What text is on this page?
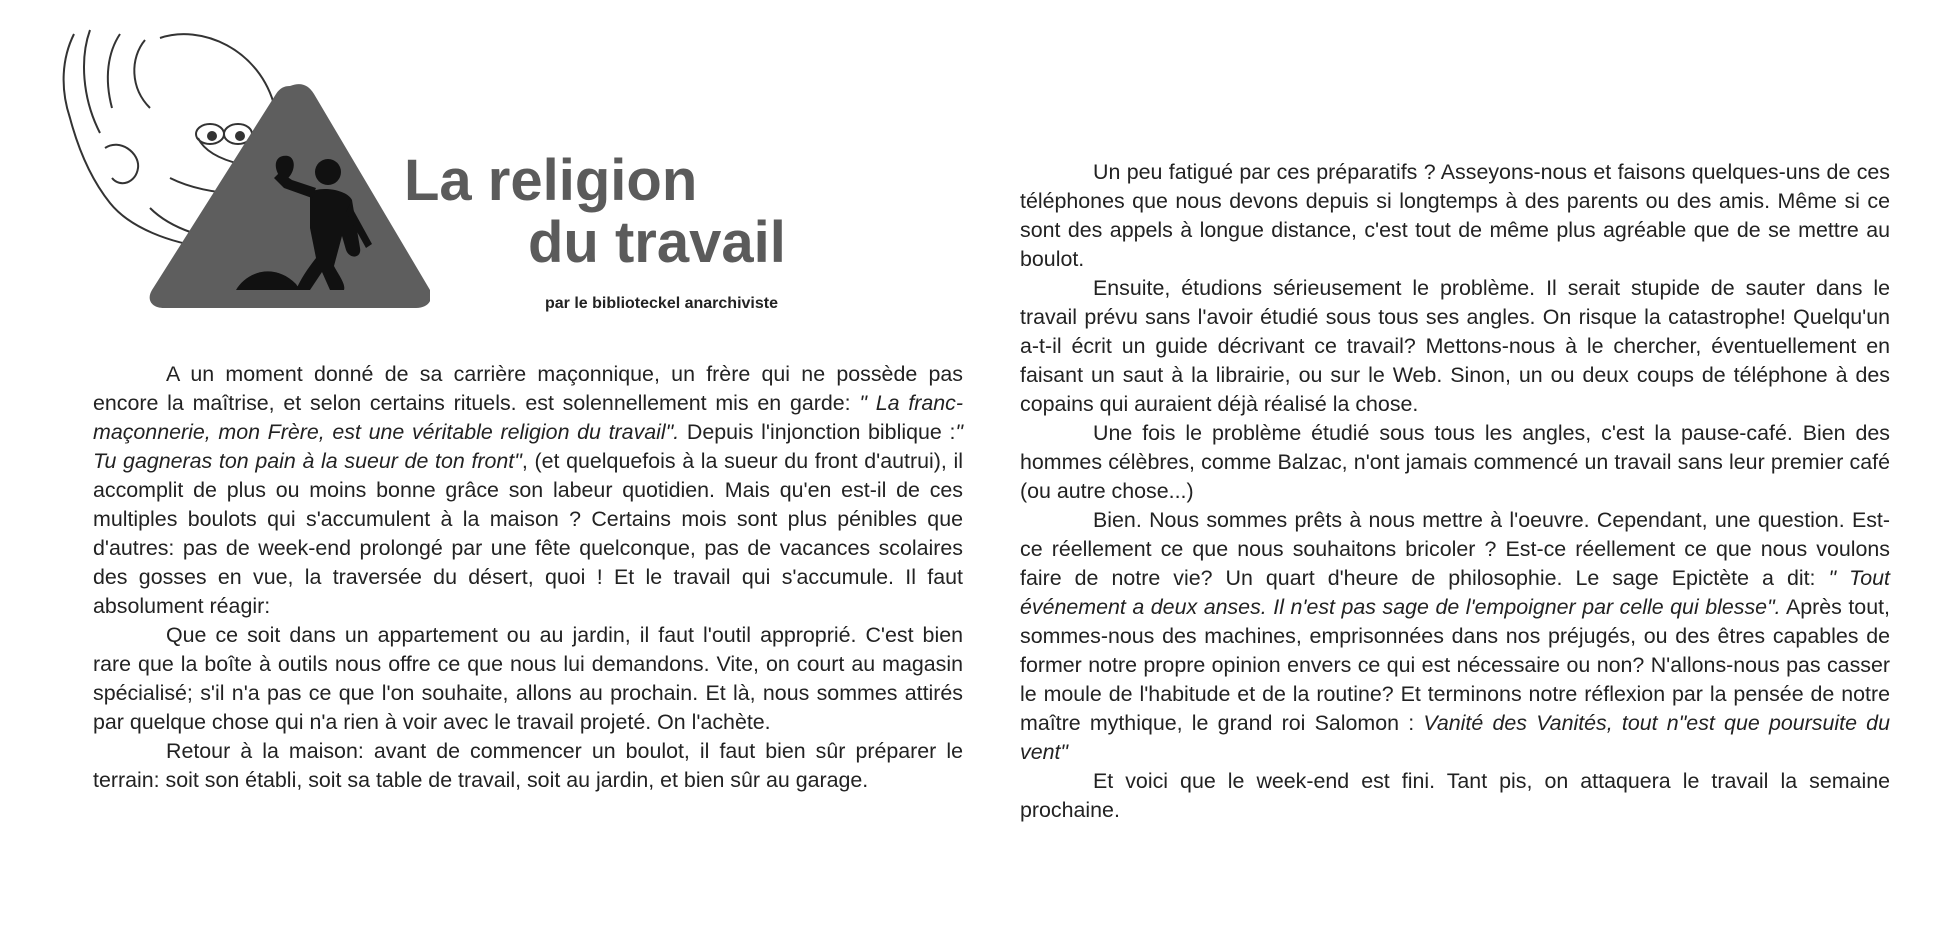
La religion
du travail
par le biblioteckel anarchiviste

A un moment donné de sa carrière maçonnique, un frère qui ne possède pas encore la maîtrise, et selon certains rituels. est solennellement mis en garde: " La franc-maçonnerie, mon Frère, est une véritable religion du travail". Depuis l'injonction biblique :" Tu gagneras ton pain à la sueur de ton front", (et quelquefois à la sueur du front d'autrui), il accomplit de plus ou moins bonne grâce son labeur quotidien. Mais qu'en est-il de ces multiples boulots qui s'accumulent à la maison ? Certains mois sont plus pénibles que d'autres: pas de week-end prolongé par une fête quelconque, pas de vacances scolaires des gosses en vue, la traversée du désert, quoi ! Et le travail qui s'accumule. Il faut absolument réagir:

Que ce soit dans un appartement ou au jardin, il faut l'outil approprié. C'est bien rare que la boîte à outils nous offre ce que nous lui demandons. Vite, on court au magasin spécialisé; s'il n'a pas ce que l'on souhaite, allons au prochain. Et là, nous sommes attirés par quelque chose qui n'a rien à voir avec le travail projeté. On l'achète.

Retour à la maison: avant de commencer un boulot, il faut bien sûr préparer le terrain: soit son établi, soit sa table de travail, soit au jardin, et bien sûr au garage.

Un peu fatigué par ces préparatifs ? Asseyons-nous et faisons quelques-uns de ces téléphones que nous devons depuis si longtemps à des parents ou des amis. Même si ce sont des appels à longue distance, c'est tout de même plus agréable que de se mettre au boulot.

Ensuite, étudions sérieusement le problème. Il serait stupide de sauter dans le travail prévu sans l'avoir étudié sous tous ses angles. On risque la catastrophe! Quelqu'un a-t-il écrit un guide décrivant ce travail? Mettons-nous à le chercher, éventuellement en faisant un saut à la librairie, ou sur le Web. Sinon, un ou deux coups de téléphone à des copains qui auraient déjà réalisé la chose.

Une fois le problème étudié sous tous les angles, c'est la pause-café. Bien des hommes célèbres, comme Balzac, n'ont jamais commencé un travail sans leur premier café (ou autre chose...)

Bien. Nous sommes prêts à nous mettre à l'oeuvre. Cependant, une question. Est-ce réellement ce que nous souhaitons bricoler ? Est-ce réellement ce que nous voulons faire de notre vie? Un quart d'heure de philosophie. Le sage Epictète a dit: " Tout événement a deux anses. Il n'est pas sage de l'empoigner par celle qui blesse". Après tout, sommes-nous des machines, emprisonnées dans nos préjugés, ou des êtres capables de former notre propre opinion envers ce qui est nécessaire ou non? N'allons-nous pas casser le moule de l'habitude et de la routine? Et terminons notre réflexion par la pensée de notre maître mythique, le grand roi Salomon : Vanité des Vanités, tout n"est que poursuite du vent"

Et voici que le week-end est fini. Tant pis, on attaquera le travail la semaine prochaine.
